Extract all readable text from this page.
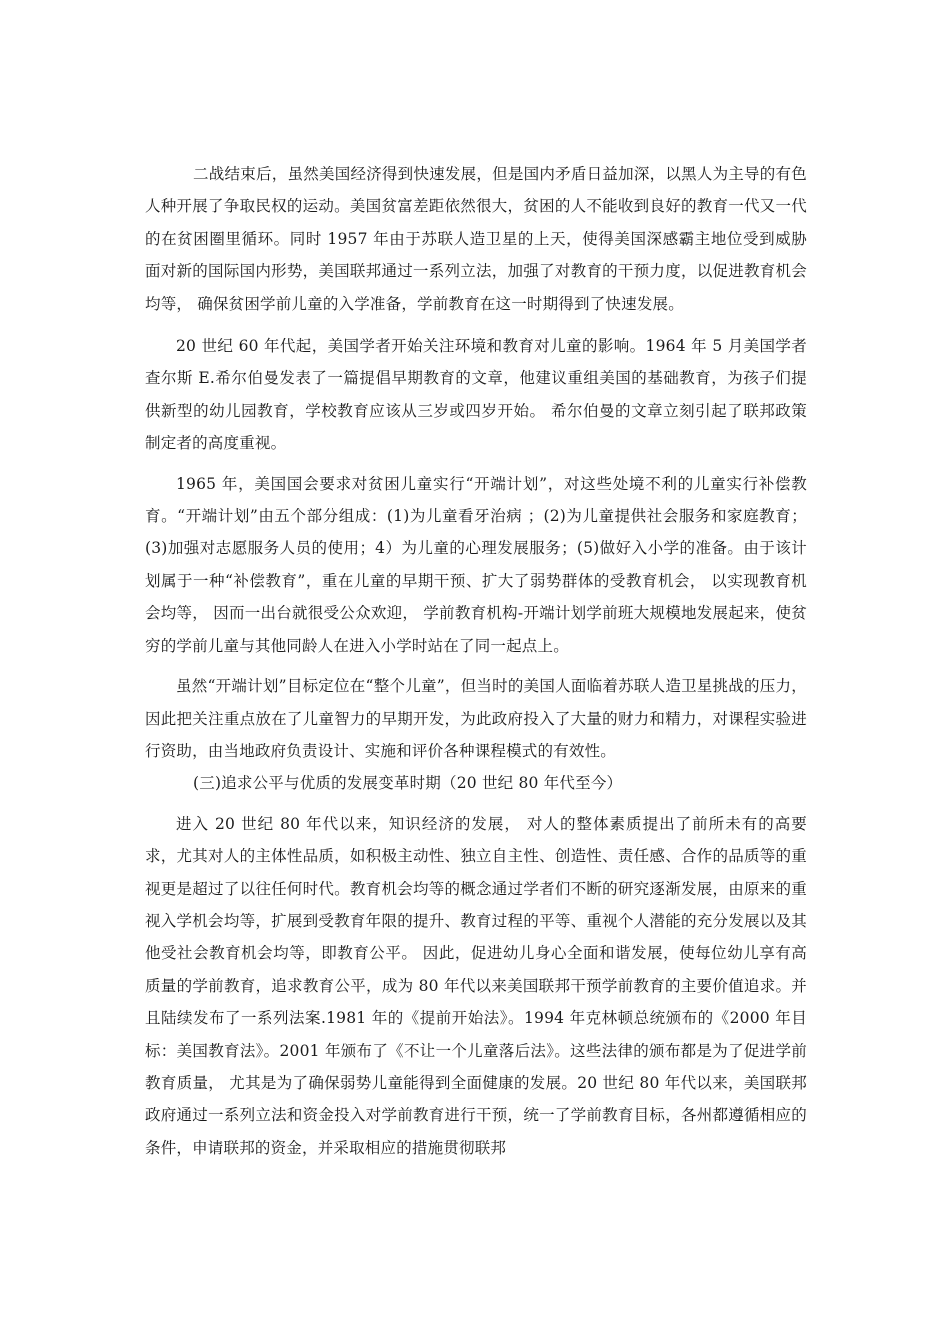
二战结束后，虽然美国经济得到快速发展，但是国内矛盾日益加深，以黑人为主导的有色人种开展了争取民权的运动。美国贫富差距依然很大，贫困的人不能收到良好的教育一代又一代的在贫困圈里循环。同时 1957 年由于苏联人造卫星的上天，使得美国深感霸主地位受到威胁面对新的国际国内形势，美国联邦通过一系列立法，加强了对教育的干预力度，以促进教育机会均等， 确保贫困学前儿童的入学准备，学前教育在这一时期得到了快速发展。

20 世纪 60 年代起，美国学者开始关注环境和教育对儿童的影响。1964 年 5 月美国学者查尔斯 E.希尔伯曼发表了一篇提倡早期教育的文章，他建议重组美国的基础教育，为孩子们提供新型的幼儿园教育，学校教育应该从三岁或四岁开始。 希尔伯曼的文章立刻引起了联邦政策制定者的高度重视。

1965 年，美国国会要求对贫困儿童实行“开端计划”，对这些处境不利的儿童实行补偿教育。“开端计划”由五个部分组成：(1)为儿童看牙治病 ；(2)为儿童提供社会服务和家庭教育；(3)加强对志愿服务人员的使用；4）为儿童的心理发展服务；(5)做好入小学的准备。由于该计划属于一种“补偿教育”，重在儿童的早期干预、扩大了弱势群体的受教育机会， 以实现教育机会均等， 因而一出台就很受公众欢迎， 学前教育机构-开端计划学前班大规模地发展起来，使贫穷的学前儿童与其他同龄人在进入小学时站在了同一起点上。

虽然“开端计划”目标定位在“整个儿童”，但当时的美国人面临着苏联人造卫星挑战的压力，因此把关注重点放在了儿童智力的早期开发，为此政府投入了大量的财力和精力，对课程实验进行资助，由当地政府负责设计、实施和评价各种课程模式的有效性。

(三)追求公平与优质的发展变革时期（20 世纪 80 年代至今）

进入 20 世纪 80 年代以来，知识经济的发展， 对人的整体素质提出了前所未有的高要求，尤其对人的主体性品质，如积极主动性、独立自主性、创造性、责任感、合作的品质等的重视更是超过了以往任何时代。教育机会均等的概念通过学者们不断的研究逐渐发展，由原来的重视入学机会均等，扩展到受教育年限的提升、教育过程的平等、重视个人潜能的充分发展以及其他受社会教育机会均等，即教育公平。 因此，促进幼儿身心全面和谐发展，使每位幼儿享有高质量的学前教育，追求教育公平，成为 80 年代以来美国联邦干预学前教育的主要价值追求。并且陆续发布了一系列法案.1981 年的《提前开始法》。1994 年克林顿总统颁布的《2000 年目标：美国教育法》。2001 年颁布了《不让一个儿童落后法》。这些法律的颁布都是为了促进学前教育质量， 尤其是为了确保弱势儿童能得到全面健康的发展。20 世纪 80 年代以来，美国联邦政府通过一系列立法和资金投入对学前教育进行干预，统一了学前教育目标，各州都遵循相应的条件，申请联邦的资金，并采取相应的措施贯彻联邦
